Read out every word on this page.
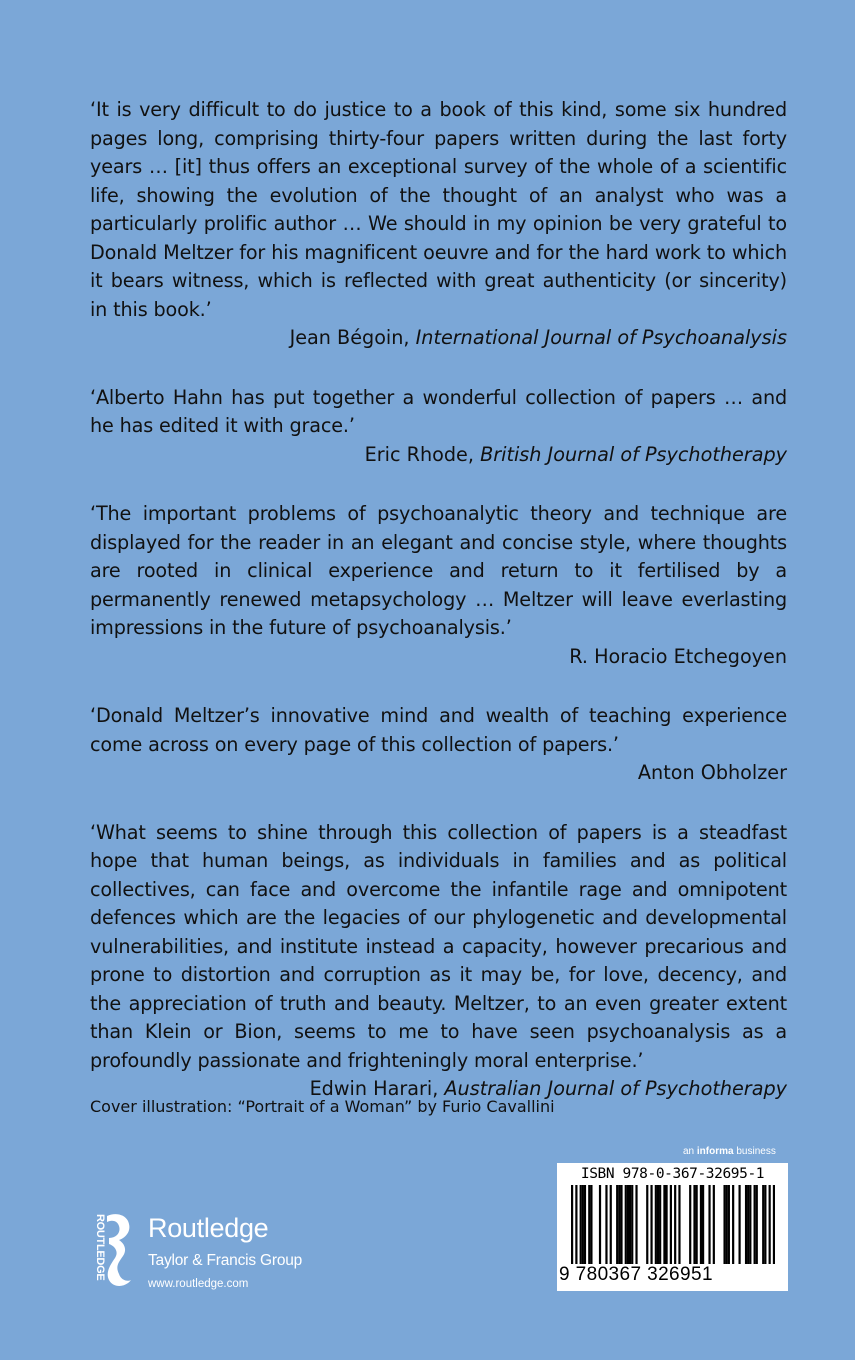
‘It is very difficult to do justice to a book of this kind, some six hundred pages long, comprising thirty-four papers written during the last forty years … [it] thus offers an exceptional survey of the whole of a scientific life, showing the evolution of the thought of an analyst who was a particularly prolific author … We should in my opinion be very grateful to Donald Meltzer for his magnificent oeuvre and for the hard work to which it bears witness, which is reflected with great authenticity (or sincerity) in this book.’

Jean Bégoin, International Journal of Psychoanalysis

‘Alberto Hahn has put together a wonderful collection of papers … and he has edited it with grace.’

Eric Rhode, British Journal of Psychotherapy

‘The important problems of psychoanalytic theory and technique are displayed for the reader in an elegant and concise style, where thoughts are rooted in clinical experience and return to it fertilised by a permanently renewed metapsychology … Meltzer will leave everlasting impressions in the future of psychoanalysis.’

R. Horacio Etchegoyen

‘Donald Meltzer’s innovative mind and wealth of teaching experience come across on every page of this collection of papers.’

Anton Obholzer

‘What seems to shine through this collection of papers is a steadfast hope that human beings, as individuals in families and as political collectives, can face and overcome the infantile rage and omnipotent defences which are the legacies of our phylogenetic and developmental vulnerabilities, and institute instead a capacity, however precarious and prone to distortion and corruption as it may be, for love, decency, and the appreciation of truth and beauty. Meltzer, to an even greater extent than Klein or Bion, seems to me to have seen psychoanalysis as a profoundly passionate and frighteningly moral enterprise.’

Edwin Harari, Australian Journal of Psychotherapy

Cover illustration: “Portrait of a Woman” by Furio Cavallini
ROUTLEDGE Routledge
Taylor & Francis Group
www.routledge.com
an informa business
ISBN 978-0-367-32695-1
9 780367 326951
